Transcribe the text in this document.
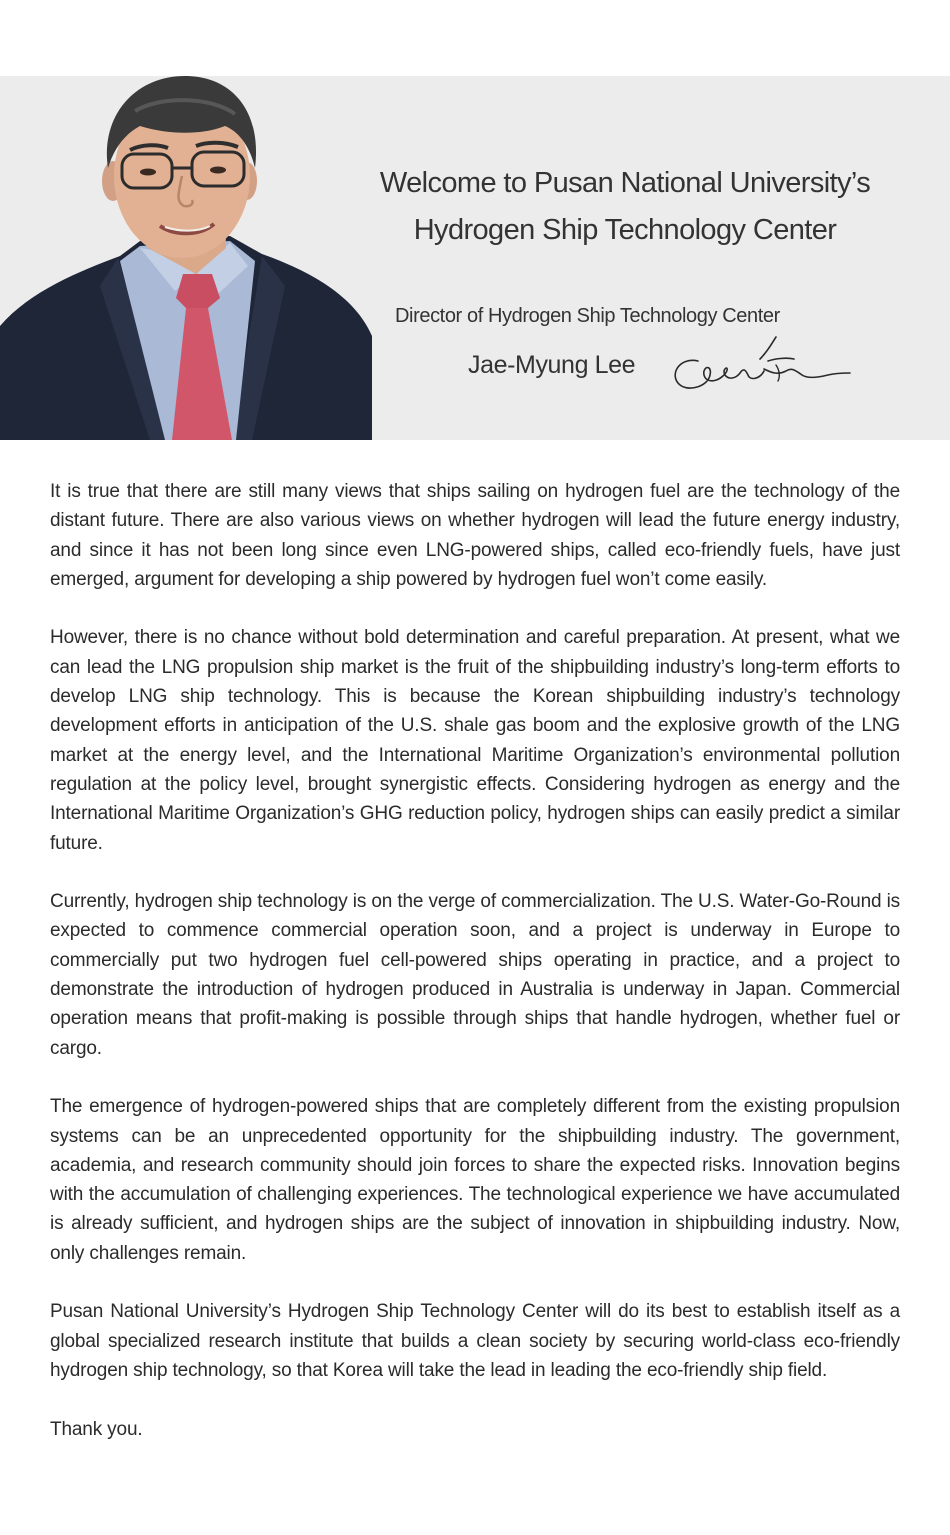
Welcome to Pusan National University’s
Hydrogen Ship Technology Center
Director of Hydrogen Ship Technology Center
Jae-Myung Lee

It is true that there are still many views that ships sailing on hydrogen fuel are the technology of the distant future. There are also various views on whether hydrogen will lead the future energy industry, and since it has not been long since even LNG-powered ships, called eco-friendly fuels, have just emerged, argument for developing a ship powered by hydrogen fuel won’t come easily.

However, there is no chance without bold determination and careful preparation. At present, what we can lead the LNG propulsion ship market is the fruit of the shipbuilding industry’s long-term efforts to develop LNG ship technology. This is because the Korean shipbuilding industry’s technology development efforts in anticipation of the U.S. shale gas boom and the explosive growth of the LNG market at the energy level, and the International Maritime Organization’s environmental pollution regulation at the policy level, brought synergistic effects. Considering hydrogen as energy and the International Maritime Organization’s GHG reduction policy, hydrogen ships can easily predict a similar future.

Currently, hydrogen ship technology is on the verge of commercialization. The U.S. Water-Go-Round is expected to commence commercial operation soon, and a project is underway in Europe to commercially put two hydrogen fuel cell-powered ships operating in practice, and a project to demonstrate the introduction of hydrogen produced in Australia is underway in Japan. Commercial operation means that profit-making is possible through ships that handle hydrogen, whether fuel or cargo.

The emergence of hydrogen-powered ships that are completely different from the existing propulsion systems can be an unprecedented opportunity for the shipbuilding industry. The government, academia, and research community should join forces to share the expected risks. Innovation begins with the accumulation of challenging experiences. The technological experience we have accumulated is already sufficient, and hydrogen ships are the subject of innovation in shipbuilding industry. Now, only challenges remain.

Pusan National University’s Hydrogen Ship Technology Center will do its best to establish itself as a global specialized research institute that builds a clean society by securing world-class eco-friendly hydrogen ship technology, so that Korea will take the lead in leading the eco-friendly ship field.

Thank you.
